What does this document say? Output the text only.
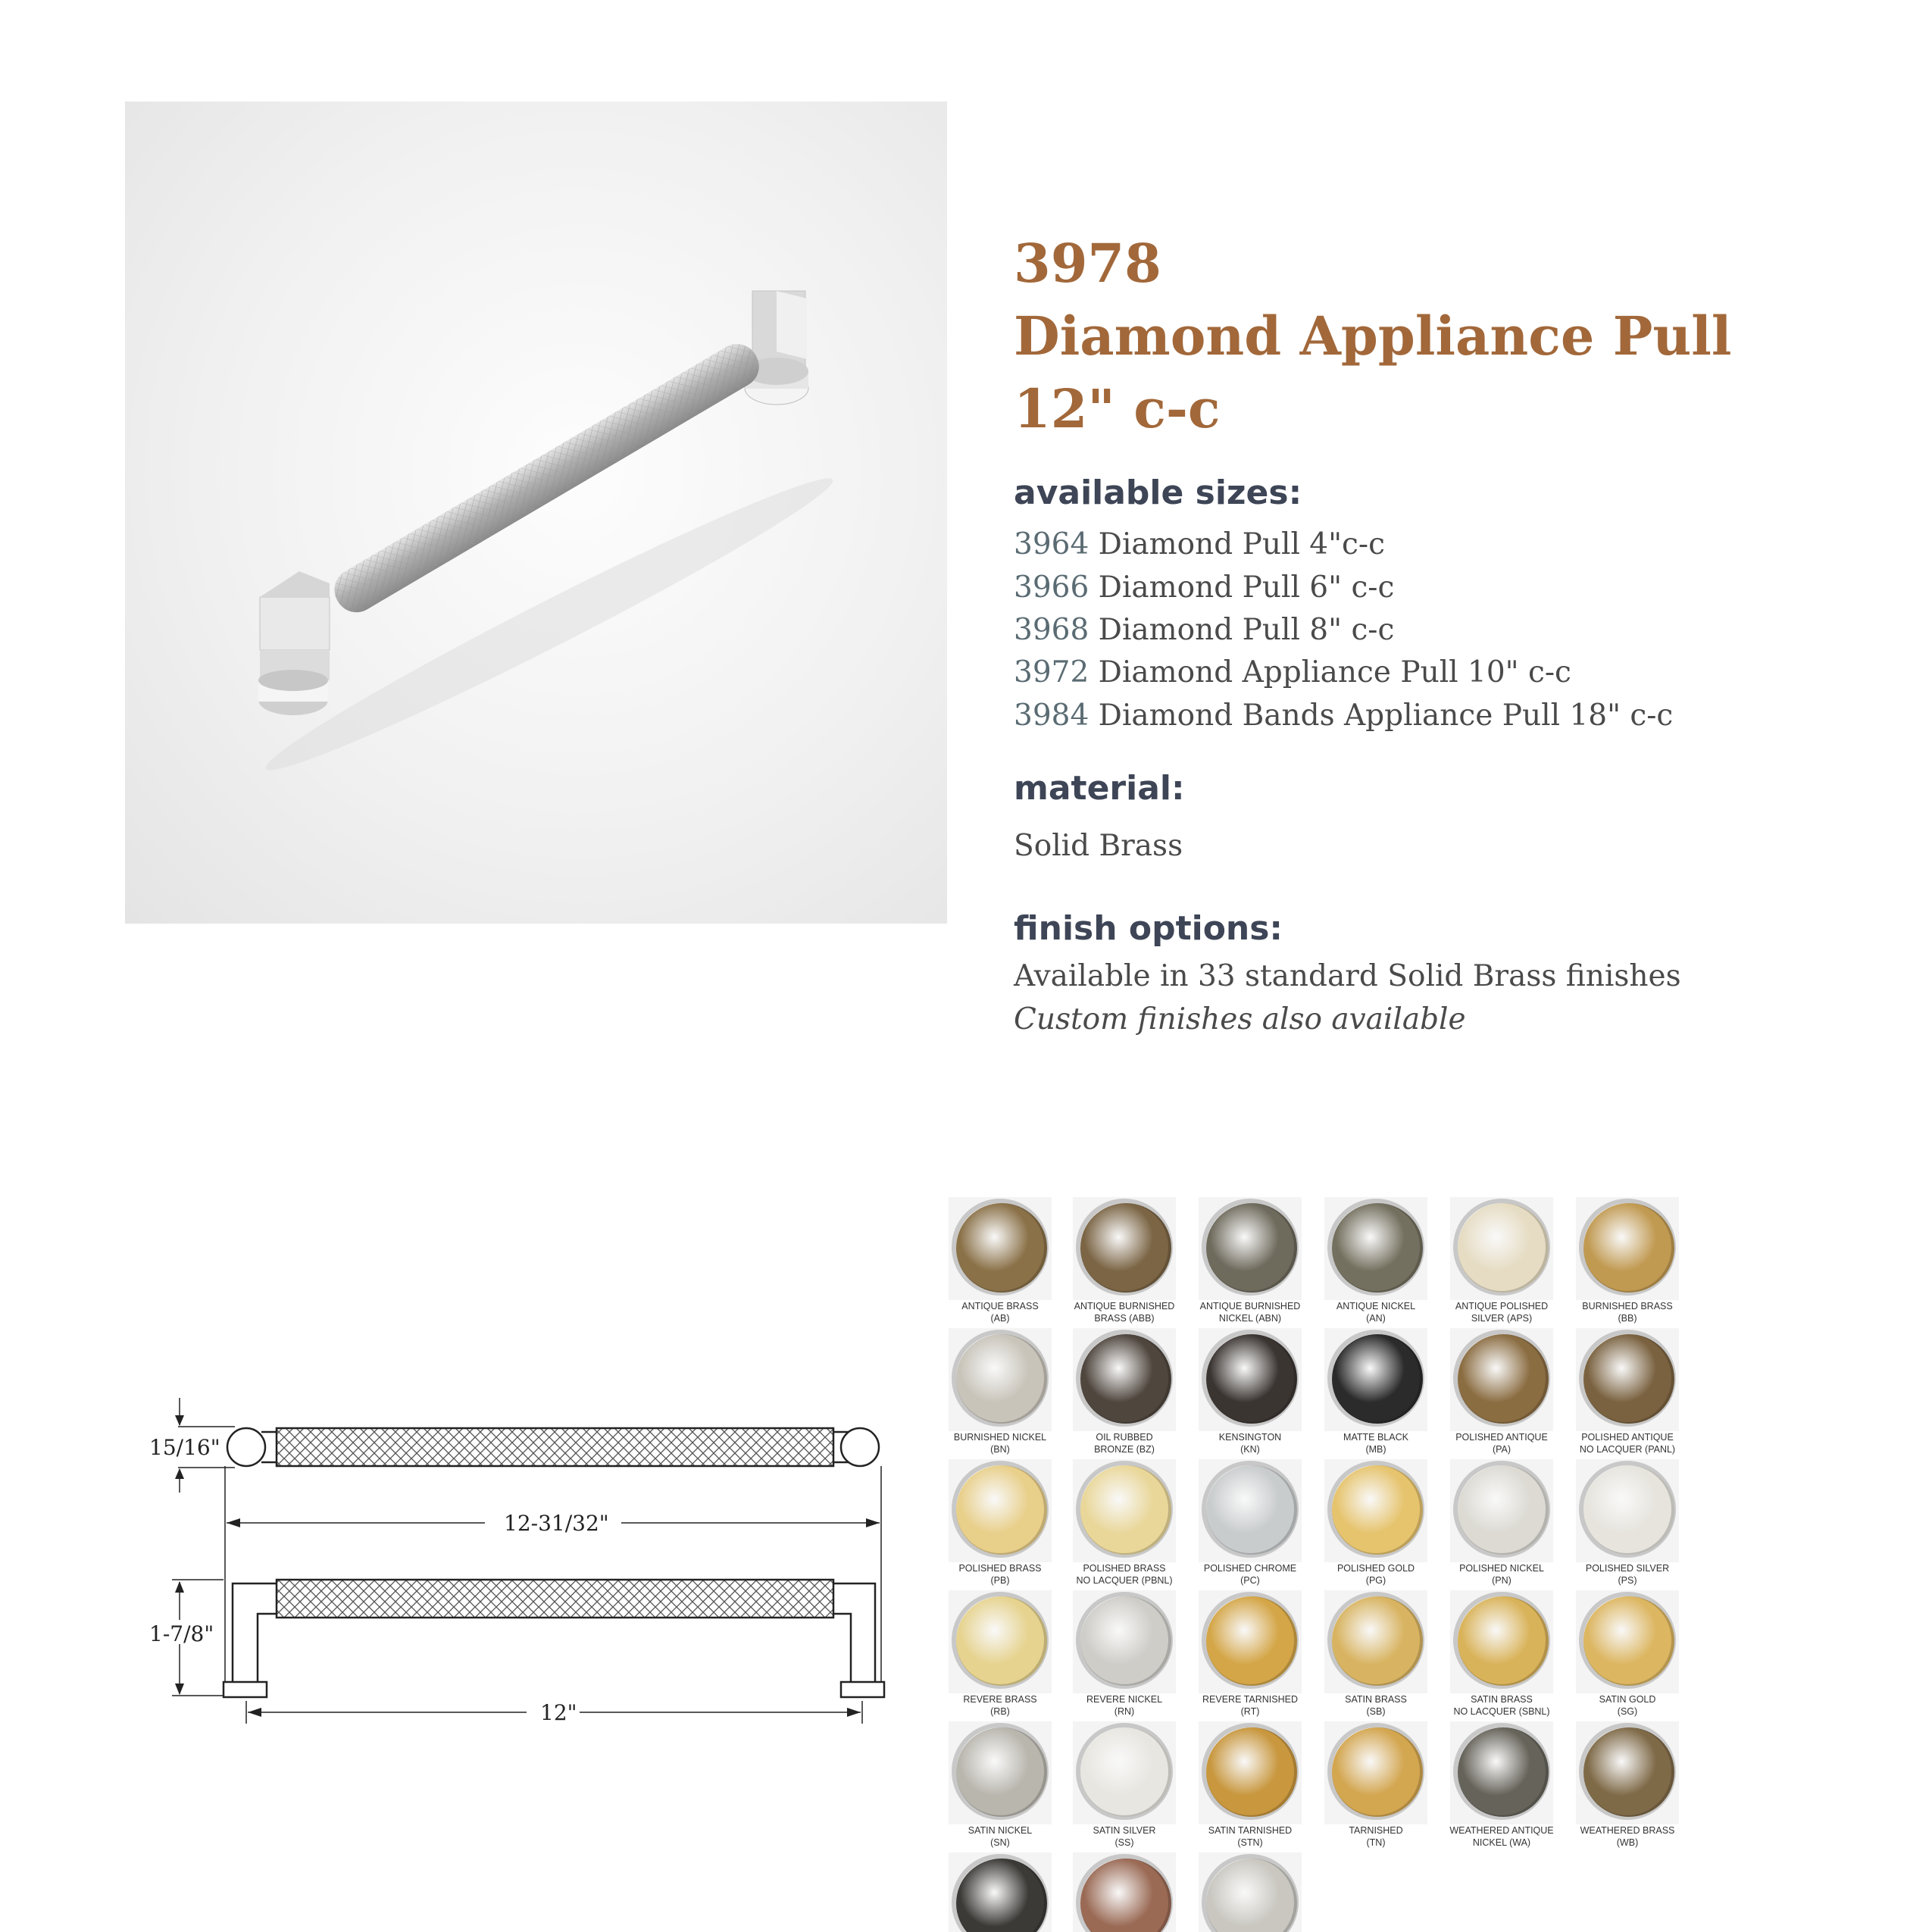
3978
Diamond Appliance Pull 12" c-c
available sizes:
3964 Diamond Pull 4"c-c
3966 Diamond Pull 6" c-c
3968 Diamond Pull 8" c-c
3972 Diamond Appliance Pull 10" c-c
3984 Diamond Bands Appliance Pull 18" c-c
material:
Solid Brass
finish options:
Available in 33 standard Solid Brass finishes
Custom finishes also available
15/16"
12-31/32"
1-7/8"
12"
ANTIQUE BRASS
(AB)
ANTIQUE BURNISHED
BRASS (ABB)
ANTIQUE BURNISHED
NICKEL (ABN)
ANTIQUE NICKEL
(AN)
ANTIQUE POLISHED
SILVER (APS)
BURNISHED BRASS
(BB)
BURNISHED NICKEL
(BN)
OIL RUBBED
BRONZE (BZ)
KENSINGTON
(KN)
MATTE BLACK
(MB)
POLISHED ANTIQUE
(PA)
POLISHED ANTIQUE
NO LACQUER (PANL)
POLISHED BRASS
(PB)
POLISHED BRASS
NO LACQUER (PBNL)
POLISHED CHROME
(PC)
POLISHED GOLD
(PG)
POLISHED NICKEL
(PN)
POLISHED SILVER
(PS)
REVERE BRASS
(RB)
REVERE NICKEL
(RN)
REVERE TARNISHED
(RT)
SATIN BRASS
(SB)
SATIN BRASS
NO LACQUER (SBNL)
SATIN GOLD
(SG)
SATIN NICKEL
(SN)
SATIN SILVER
(SS)
SATIN TARNISHED
(STN)
TARNISHED
(TN)
WEATHERED ANTIQUE
NICKEL (WA)
WEATHERED BRASS
(WB)
